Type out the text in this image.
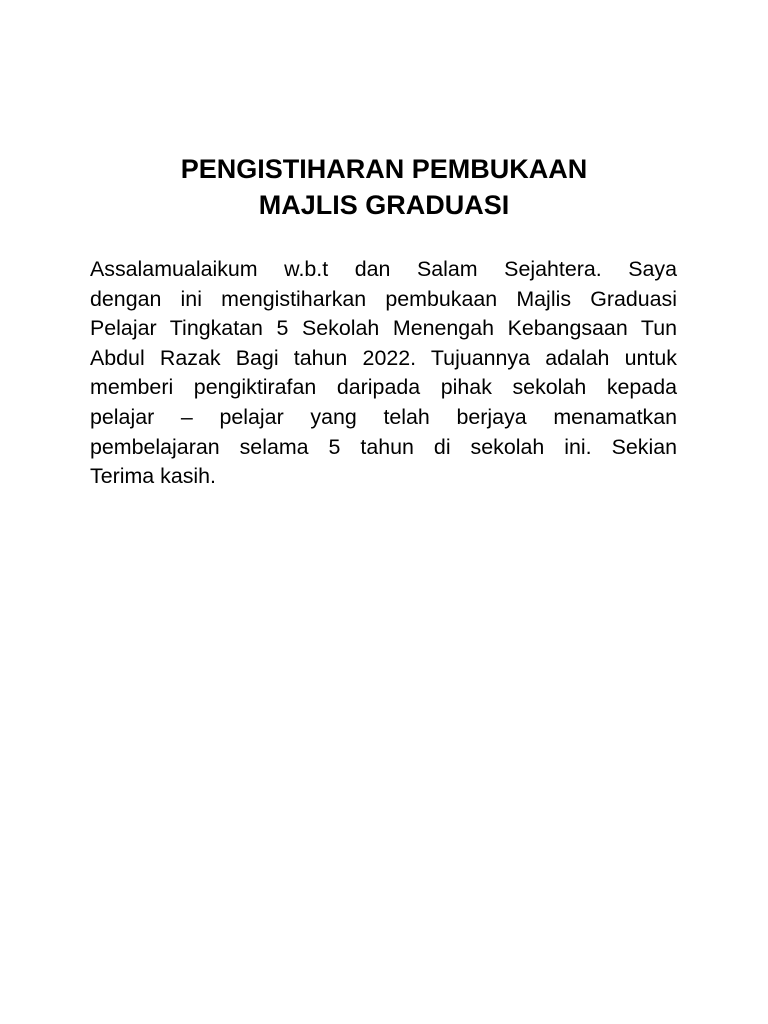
PENGISTIHARAN PEMBUKAAN
MAJLIS GRADUASI

Assalamualaikum w.b.t dan Salam Sejahtera. Saya
dengan ini mengistiharkan pembukaan Majlis Graduasi
Pelajar Tingkatan 5 Sekolah Menengah Kebangsaan Tun
Abdul Razak Bagi tahun 2022. Tujuannya adalah untuk
memberi pengiktirafan daripada pihak sekolah kepada
pelajar – pelajar yang telah berjaya menamatkan
pembelajaran selama 5 tahun di sekolah ini. Sekian
Terima kasih.
